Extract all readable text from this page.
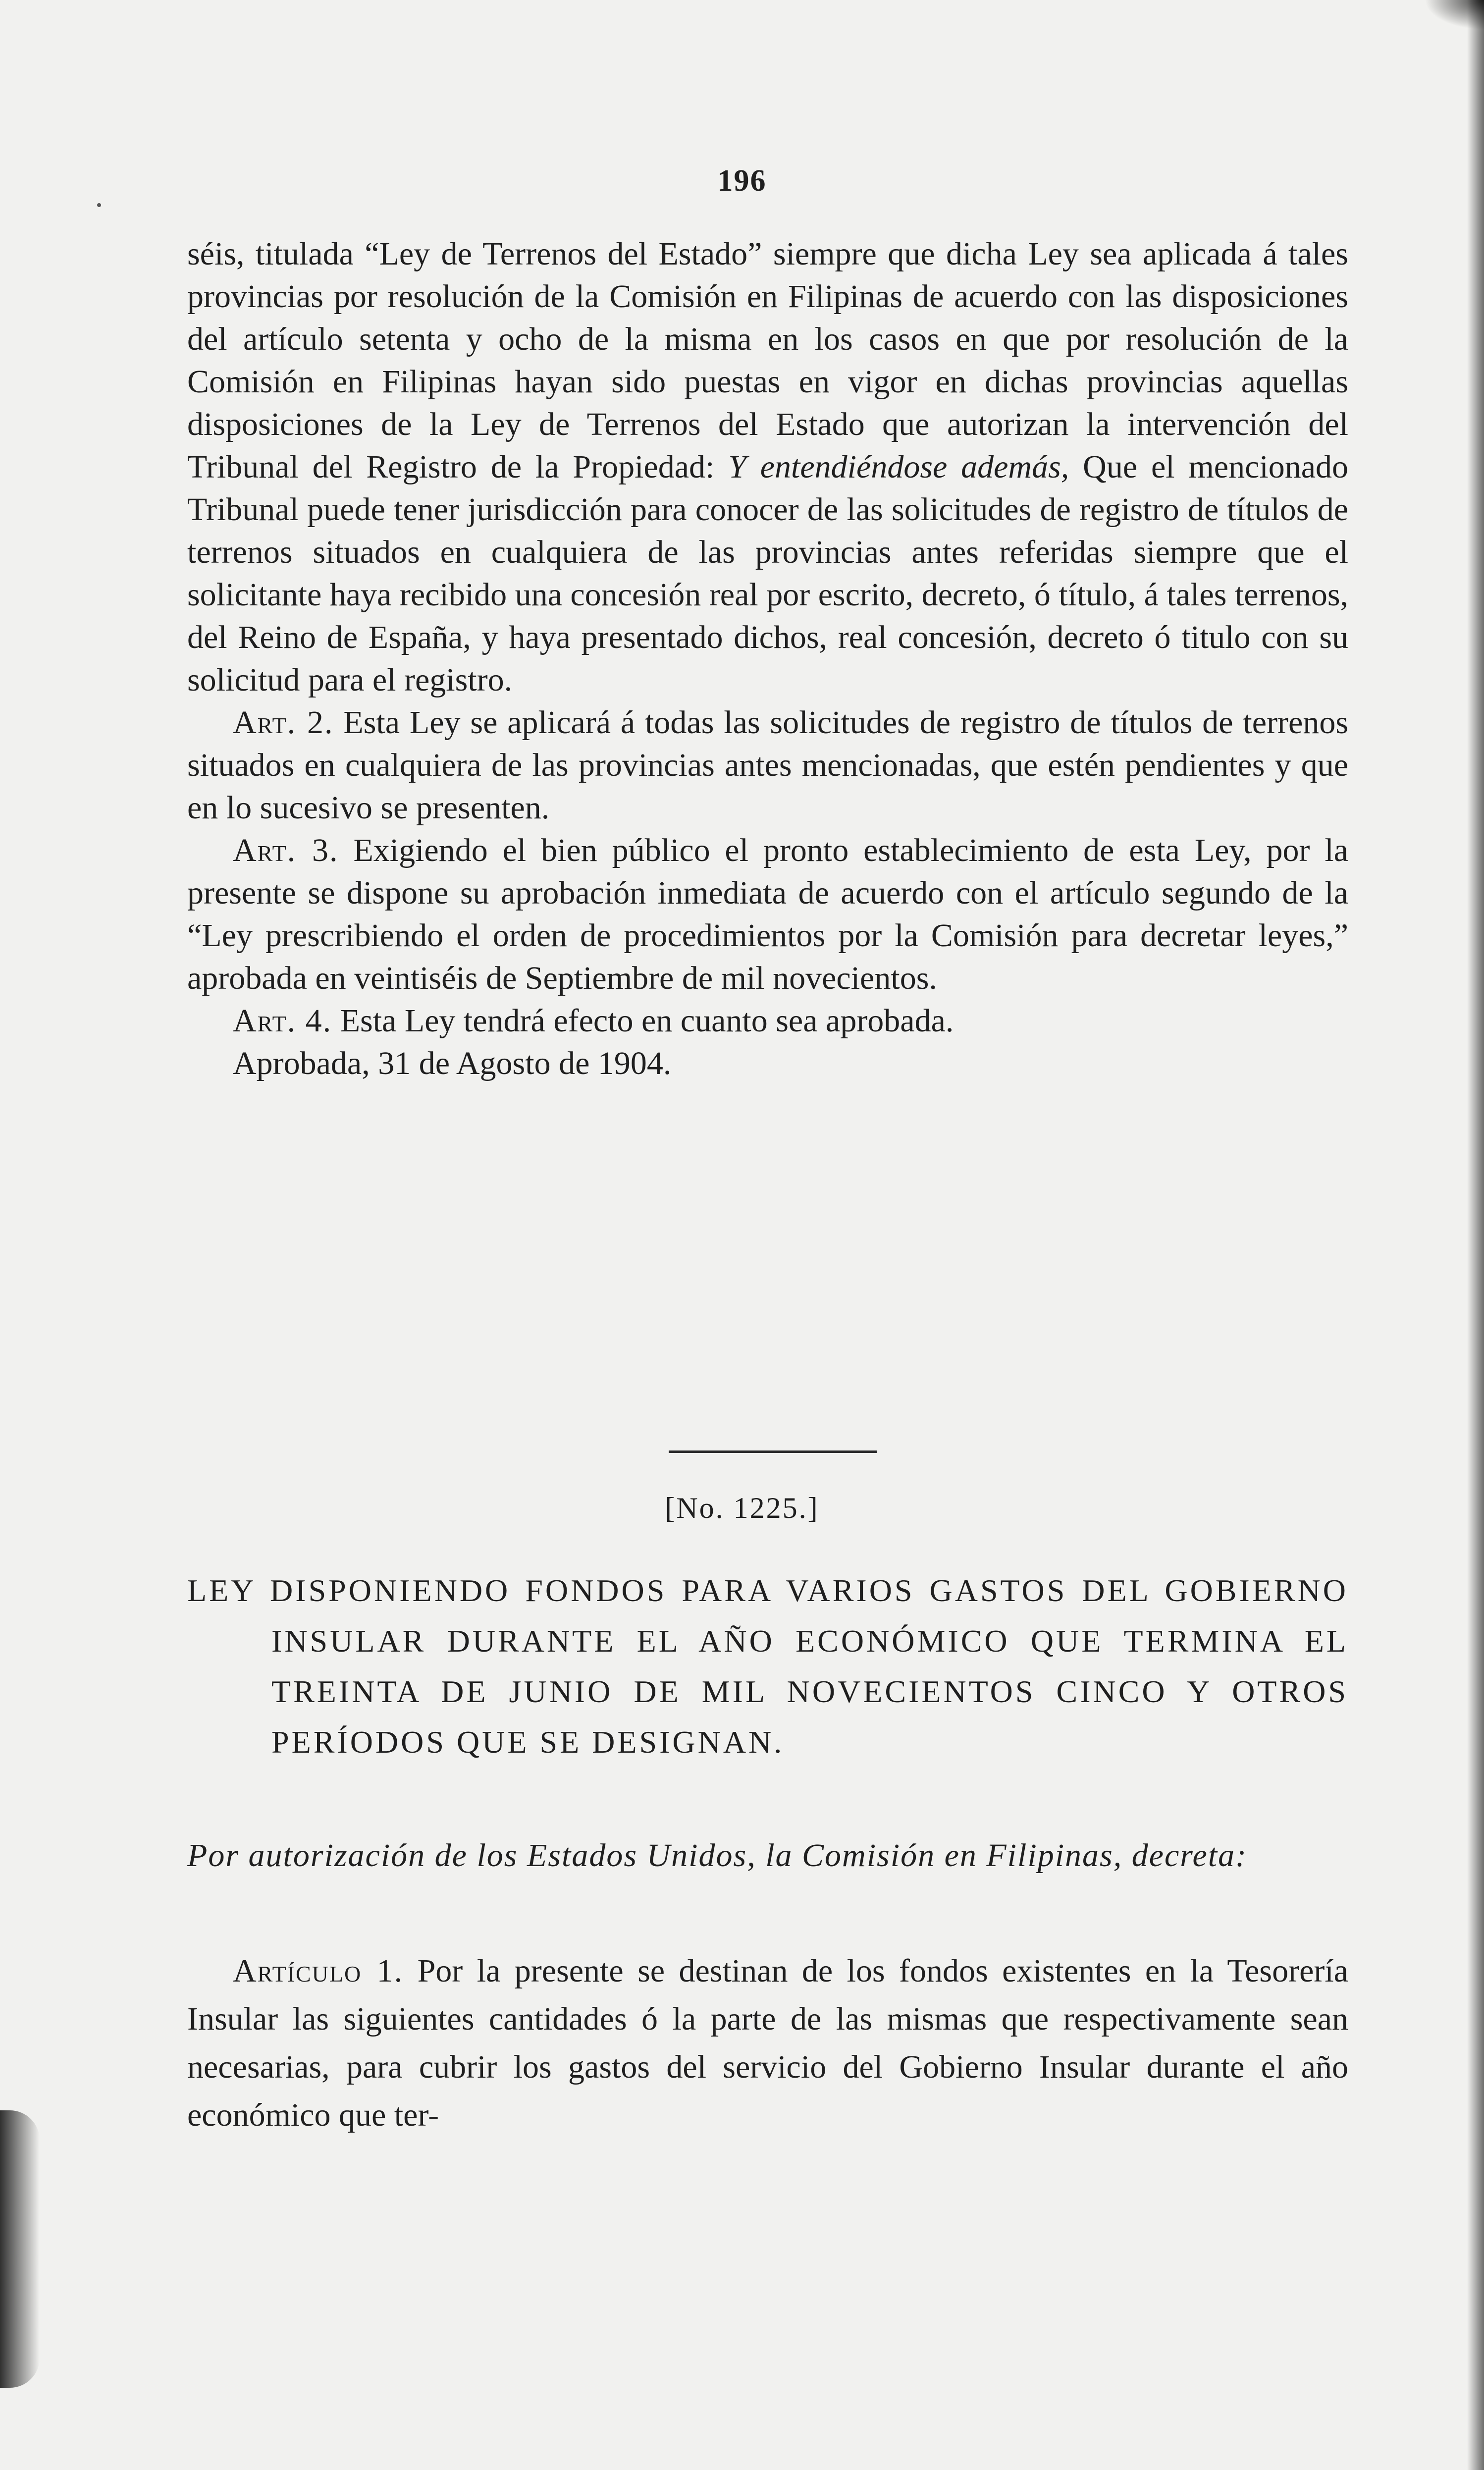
196

séis, titulada “Ley de Terrenos del Estado” siempre que dicha Ley sea aplicada á tales provincias por resolución de la Comisión en Filipinas de acuerdo con las disposiciones del artículo setenta y ocho de la misma en los casos en que por resolución de la Comisión en Filipinas hayan sido puestas en vigor en dichas provincias aquellas disposiciones de la Ley de Terrenos del Estado que autorizan la intervención del Tribunal del Registro de la Propiedad: Y entendiéndose además, Que el mencionado Tribunal puede tener jurisdicción para conocer de las solicitudes de registro de títulos de terrenos situados en cualquiera de las provincias antes referidas siempre que el solicitante haya recibido una concesión real por escrito, decreto, ó título, á tales terrenos, del Reino de España, y haya presentado dichos, real concesión, decreto ó titulo con su solicitud para el registro.

Art. 2. Esta Ley se aplicará á todas las solicitudes de registro de títulos de terrenos situados en cualquiera de las provincias antes mencionadas, que estén pendientes y que en lo sucesivo se presenten.

Art. 3. Exigiendo el bien público el pronto establecimiento de esta Ley, por la presente se dispone su aprobación inmediata de acuerdo con el artículo segundo de la “Ley prescribiendo el orden de procedimientos por la Comisión para decretar leyes,” aprobada en veintiséis de Septiembre de mil novecientos.

Art. 4. Esta Ley tendrá efecto en cuanto sea aprobada.

Aprobada, 31 de Agosto de 1904.

[No. 1225.]
LEY DISPONIENDO FONDOS PARA VARIOS GASTOS DEL GOBIERNO INSULAR DURANTE EL AÑO ECONÓMICO QUE TERMINA EL TREINTA DE JUNIO DE MIL NOVECIENTOS CINCO Y OTROS PERÍODOS QUE SE DESIGNAN.
Por autorización de los Estados Unidos, la Comisión en Filipinas, decreta:
Artículo 1. Por la presente se destinan de los fondos existentes en la Tesorería Insular las siguientes cantidades ó la parte de las mismas que respectivamente sean necesarias, para cubrir los gastos del servicio del Gobierno Insular durante el año económico que ter-
